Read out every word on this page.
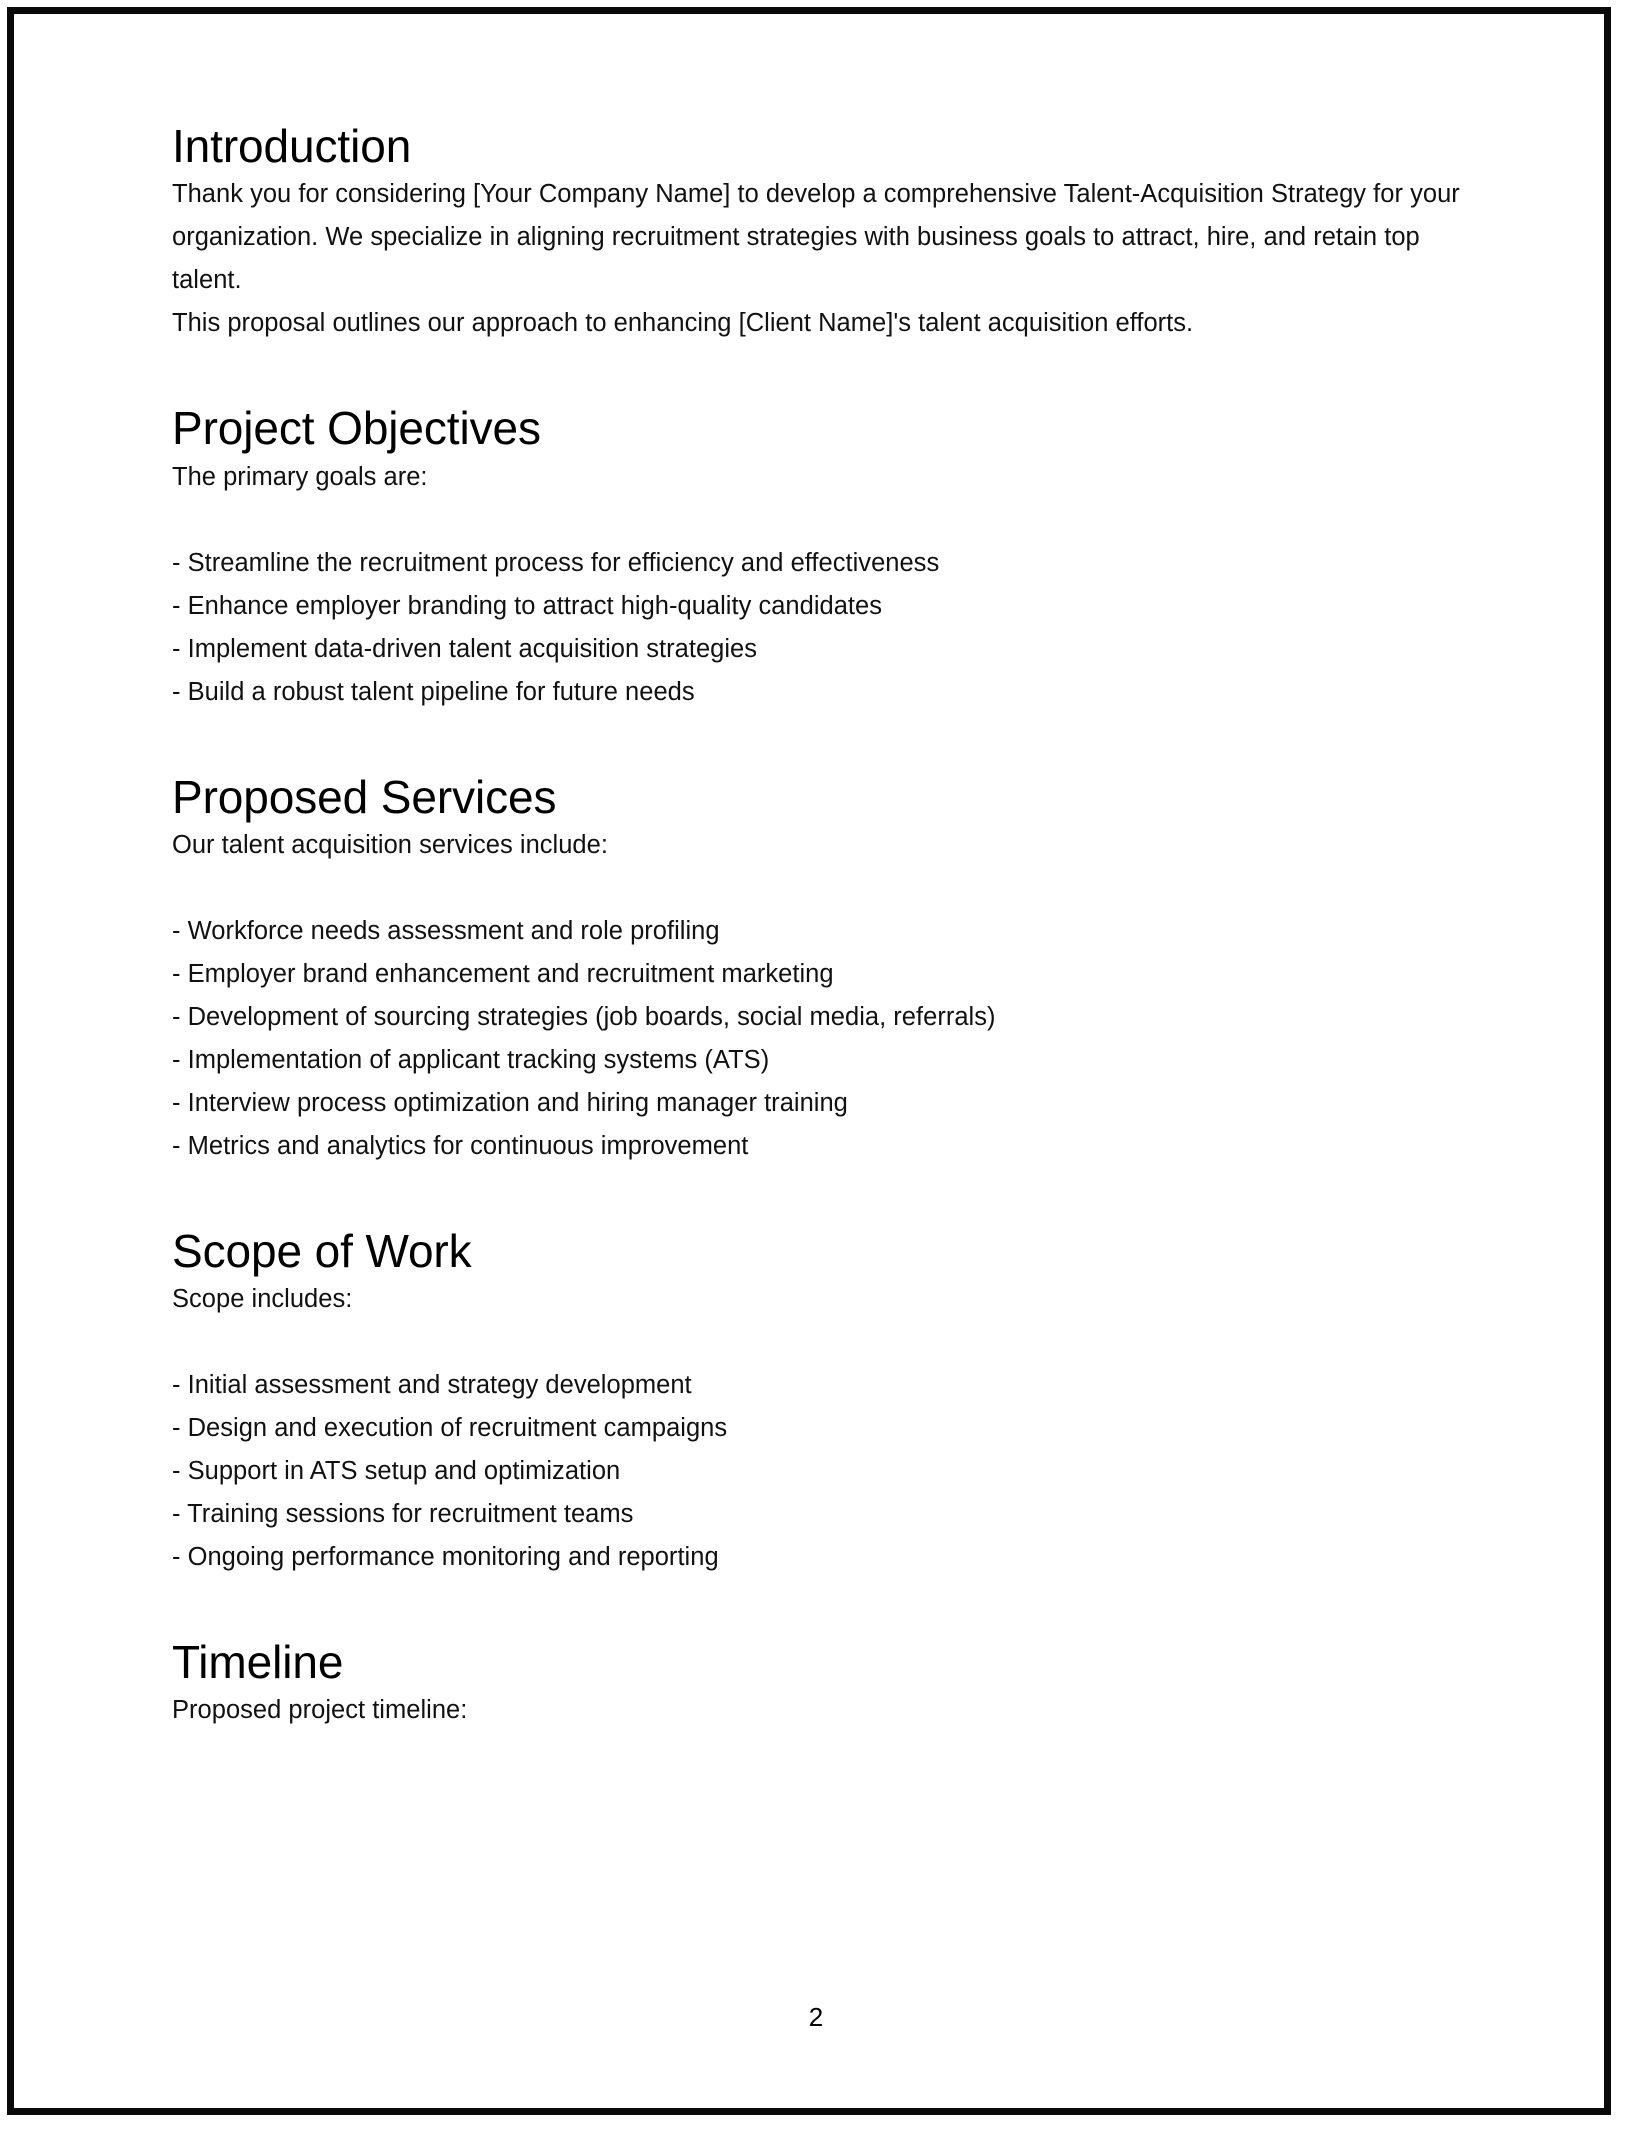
Introduction

Thank you for considering [Your Company Name] to develop a comprehensive Talent-Acquisition Strategy for your organization. We specialize in aligning recruitment strategies with business goals to attract, hire, and retain top talent.

This proposal outlines our approach to enhancing [Client Name]'s talent acquisition efforts.

Project Objectives

The primary goals are:

- Streamline the recruitment process for efficiency and effectiveness
- Enhance employer branding to attract high-quality candidates
- Implement data-driven talent acquisition strategies
- Build a robust talent pipeline for future needs
Proposed Services

Our talent acquisition services include:

- Workforce needs assessment and role profiling
- Employer brand enhancement and recruitment marketing
- Development of sourcing strategies (job boards, social media, referrals)
- Implementation of applicant tracking systems (ATS)
- Interview process optimization and hiring manager training
- Metrics and analytics for continuous improvement
Scope of Work

Scope includes:

- Initial assessment and strategy development
- Design and execution of recruitment campaigns
- Support in ATS setup and optimization
- Training sessions for recruitment teams
- Ongoing performance monitoring and reporting
Timeline

Proposed project timeline:

2
